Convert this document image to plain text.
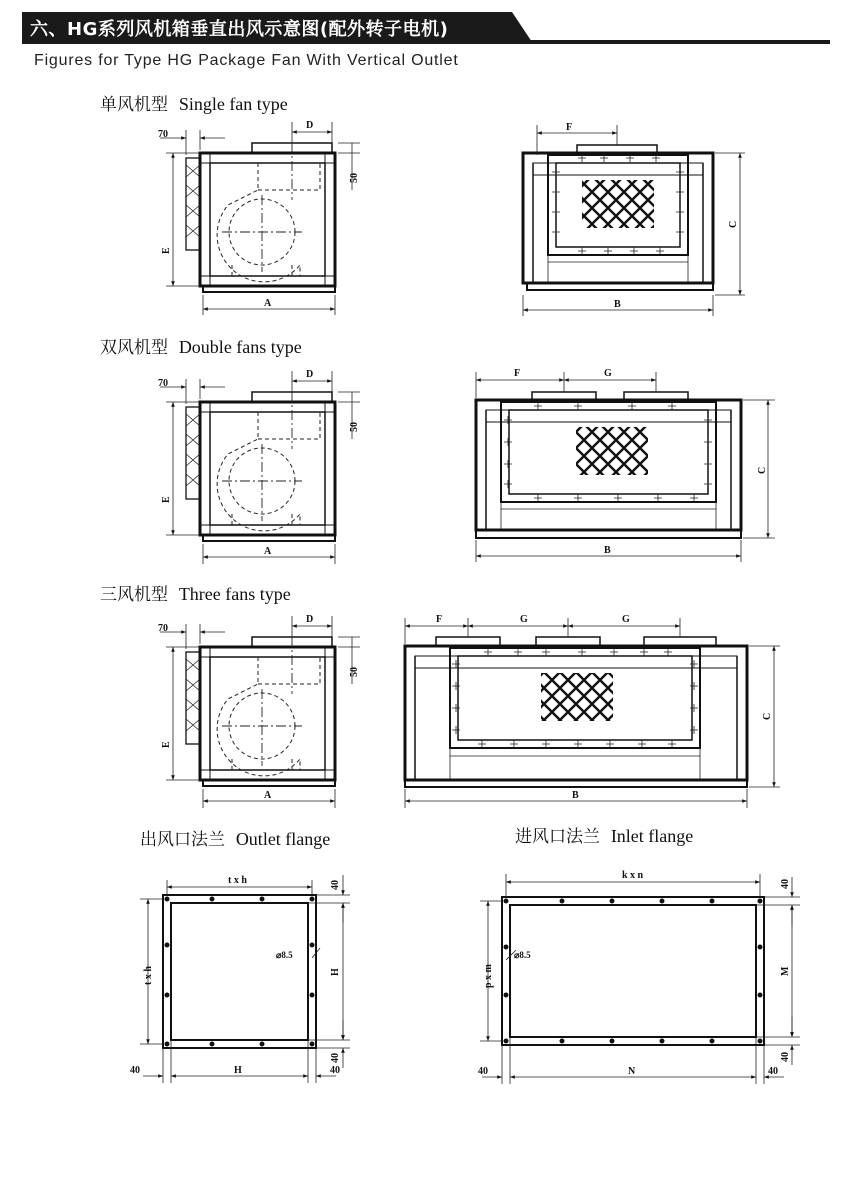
六、HG系列风机箱垂直出风示意图(配外转子电机)
Figures for Type HG Package Fan With Vertical Outlet
单风机型 Single fan type
双风机型 Double fans type
三风机型 Three fans type
出风口法兰 Outlet flange	进风口法兰 Inlet flange
70
D
50
E
A
F
C
B
70
D
50
E
A
F	G
C
B
70
D
50
E
A
F	G	G
C
B
⌀8.5
t x h
t x h
40
H
40
40	H	40
⌀8.5
k x n
p x m
40
M
40
40	N	40
